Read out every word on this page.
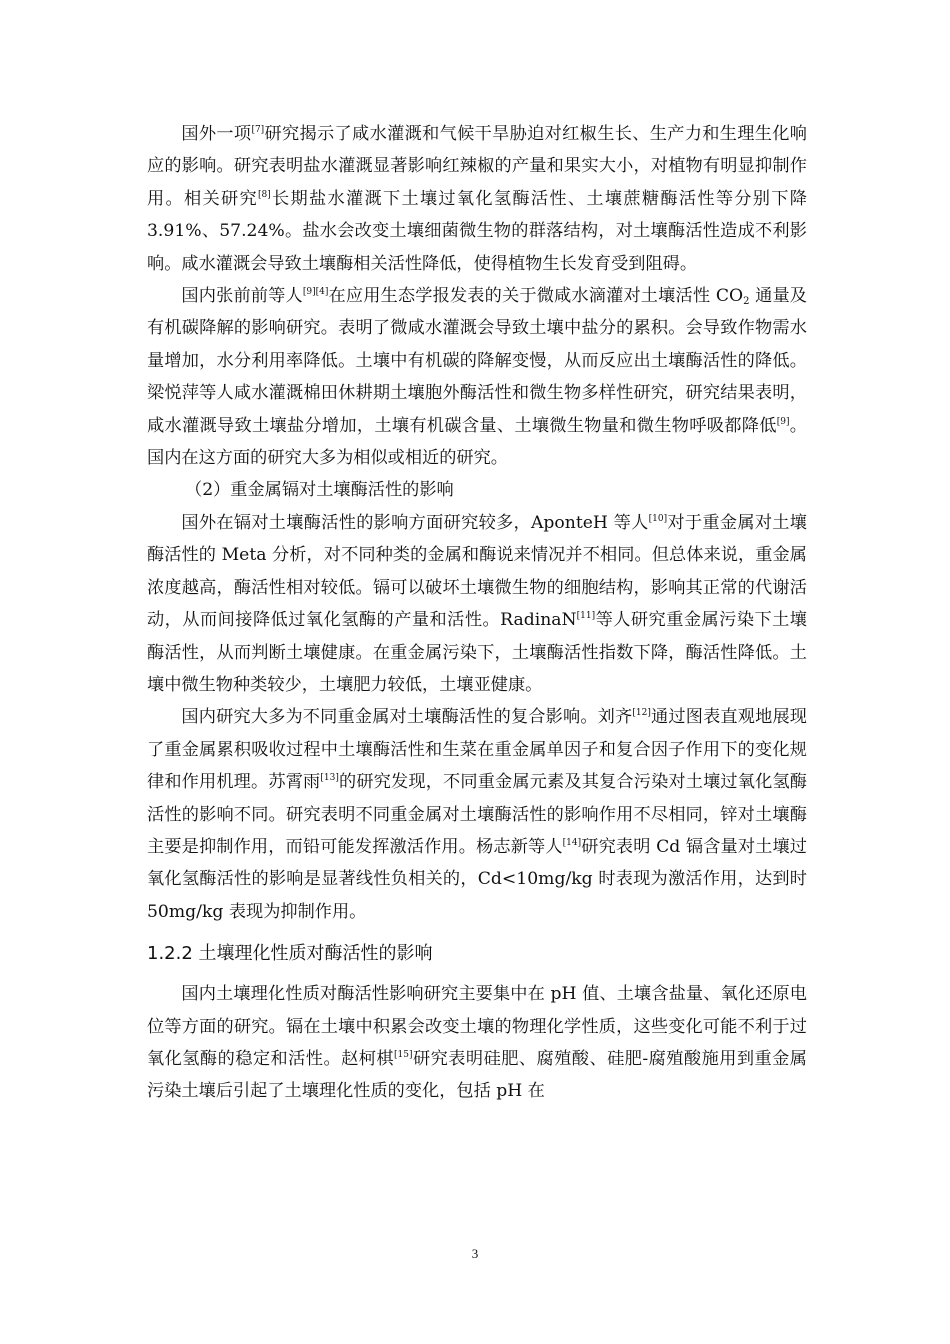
国外一项[7]研究揭示了咸水灌溉和气候干旱胁迫对红椒生长、生产力和生理生化响应的影响。研究表明盐水灌溉显著影响红辣椒的产量和果实大小，对植物有明显抑制作用。相关研究[8]长期盐水灌溉下土壤过氧化氢酶活性、土壤蔗糖酶活性等分别下降 3.91%、57.24%。盐水会改变土壤细菌微生物的群落结构，对土壤酶活性造成不利影响。咸水灌溉会导致土壤酶相关活性降低，使得植物生长发育受到阻碍。

国内张前前等人[9][4]在应用生态学报发表的关于微咸水滴灌对土壤活性 $CO_2$ 通量及有机碳降解的影响研究。表明了微咸水灌溉会导致土壤中盐分的累积。会导致作物需水量增加，水分利用率降低。土壤中有机碳的降解变慢，从而反应出土壤酶活性的降低。梁悦萍等人咸水灌溉棉田休耕期土壤胞外酶活性和微生物多样性研究，研究结果表明，咸水灌溉导致土壤盐分增加，土壤有机碳含量、土壤微生物量和微生物呼吸都降低[9]。国内在这方面的研究大多为相似或相近的研究。

（2）重金属镉对土壤酶活性的影响

国外在镉对土壤酶活性的影响方面研究较多，AponteH 等人[10]对于重金属对土壤酶活性的 Meta 分析，对不同种类的金属和酶说来情况并不相同。但总体来说，重金属浓度越高，酶活性相对较低。镉可以破坏土壤微生物的细胞结构，影响其正常的代谢活动，从而间接降低过氧化氢酶的产量和活性。RadinaN[11]等人研究重金属污染下土壤酶活性，从而判断土壤健康。在重金属污染下，土壤酶活性指数下降，酶活性降低。土壤中微生物种类较少，土壤肥力较低，土壤亚健康。

国内研究大多为不同重金属对土壤酶活性的复合影响。刘齐[12]通过图表直观地展现了重金属累积吸收过程中土壤酶活性和生菜在重金属单因子和复合因子作用下的变化规律和作用机理。苏霄雨[13]的研究发现，不同重金属元素及其复合污染对土壤过氧化氢酶活性的影响不同。研究表明不同重金属对土壤酶活性的影响作用不尽相同，锌对土壤酶主要是抑制作用，而铅可能发挥激活作用。杨志新等人[14]研究表明 Cd 镉含量对土壤过氧化氢酶活性的影响是显著线性负相关的，Cd<10mg/kg 时表现为激活作用，达到时 50mg/kg 表现为抑制作用。

1.2.2 土壤理化性质对酶活性的影响

国内土壤理化性质对酶活性影响研究主要集中在 pH 值、土壤含盐量、氧化还原电位等方面的研究。镉在土壤中积累会改变土壤的物理化学性质，这些变化可能不利于过氧化氢酶的稳定和活性。赵柯棋[15]研究表明硅肥、腐殖酸、硅肥-腐殖酸施用到重金属污染土壤后引起了土壤理化性质的变化，包括 pH 在

3
